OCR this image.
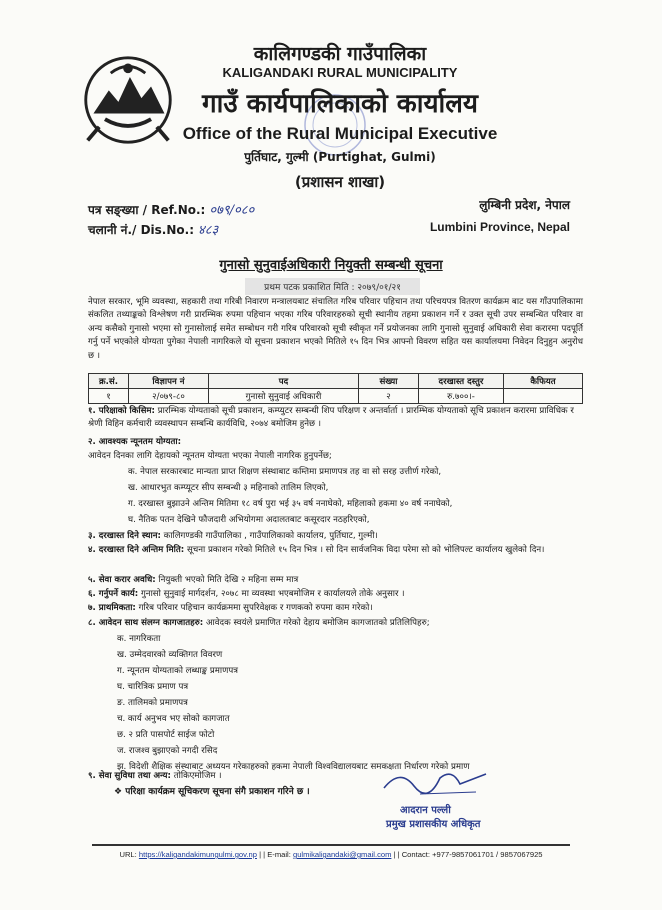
कालिगण्डकी गाउँपालिका
KALIGANDAKI RURAL MUNICIPALITY
गाउँ कार्यपालिकाको कार्यालय
Office of the Rural Municipal Executive
पुर्तिघाट, गुल्मी (Purtighat, Gulmi)
(प्रशासन शाखा)
पत्र सङ्ख्या / Ref.No.: ०७९/०८०
चलानी नं./ Dis.No.: ४८३
लुम्बिनी प्रदेश, नेपाल
Lumbini Province, Nepal
गुनासो सुनुवाईअधिकारी नियुक्ती सम्बन्धी सूचना
प्रथम पटक प्रकाशित मिति : २०७९/०१/२१
नेपाल सरकार, भूमि व्यवस्था, सहकारी तथा गरिबी निवारण मन्त्रालयबाट संचालित गरिब परिवार पहिचान तथा परिचयपत्र वितरण कार्यक्रम बाट यस गाँउपालिकामा संकलित तथ्याङ्कको विश्लेषण गरी प्रारम्भिक रुपमा पहिचान भएका गरिब परिवारहरुको सूची स्थानीय तहमा प्रकाशन गर्ने र उक्त सूची उपर सम्बन्धित परिवार वा अन्य कसैको गुनासो भएमा सो गुनासोलाई समेत सम्बोधन गरी गरिब परिवारको सूची स्वीकृत गर्ने प्रयोजनका लागि गुनासो सुनुवाई अधिकारी सेवा करारमा पदपूर्ति गर्नु पर्ने भएकोले योग्यता पुगेका नेपाली नागरिकले यो सूचना प्रकाशन भएको मितिले १५ दिन भित्र आफ्नो विवरण सहित यस कार्यालयमा निवेदन दिनुहुन अनुरोध छ ।
क्र.सं.	विज्ञापन नं	पद	संख्या	दरखास्त दस्तुर	कैफियत
१	२/०७९-८०	गुनासो सुनुवाई अधिकारी	२	रु.७००।-	
१. परिक्षाको किसिम: प्रारम्भिक योग्यताको सूची प्रकाशन, कम्प्युटर सम्बन्धी शिप परिक्षण र अन्तर्वार्ता । प्रारम्भिक योग्यताको सूचि प्रकाशन करारमा प्राविधिक र श्रेणी विहिन कर्मचारी व्यवस्थापन सम्बन्धि कार्यविधि, २०७४ बमोजिम हुनेछ ।
२. आवश्यक न्यूनतम योग्यता:
आवेदन दिनका लागि देहायको न्यूनतम योग्यता भएका नेपाली नागरिक हुनुपर्नेछ;
क. नेपाल सरकारबाट मान्यता प्राप्त शिक्षण संस्थाबाट कम्तिमा प्रमाणपत्र तह वा सो सरह उत्तीर्ण गरेको,
ख. आधारभुत कम्प्यूटर सीप सम्बन्धी ३ महिनाको तालिम लिएको,
ग. दरखास्त बुझाउने अन्तिम मितिमा १८ वर्ष पुरा भई ३५ वर्ष ननाघेको, महिलाको हकमा ४० वर्ष ननाघेको,
घ. नैतिक पतन देखिने फौजदारी अभियोगमा अदालतबाट कसूरदार नठहरिएको,
३. दरखास्त दिने स्थान: कालिगण्डकी गाउँपालिका , गाउँपालिकाको कार्यालय, पुर्तिघाट, गुल्मी।
४. दरखास्त दिने अन्तिम मिति: सूचना प्रकाशन गरेको मितिले १५ दिन भित्र । सो दिन सार्वजनिक विदा परेमा सो को भोलिपल्ट कार्यालय खुलेको दिन।
५. सेवा करार अवधि: नियुक्ती भएको मिति देखि २ महिना सम्म मात्र
६. गर्नुपर्ने कार्य: गुनासो सुनुवाई मार्गदर्शन, २०७८ मा व्यवस्था भएबमोजिम र कार्यालयले तोके अनुसार ।
७. प्राथमिकता: गरिब परिवार पहिचान कार्यक्रममा सुपरिवेक्षक र गणकको रुपमा काम गरेको।
८. आवेदन साथ संलग्न कागजातहरु: आवेदक स्वयंले प्रमाणित गरेको देहाय बमोजिम कागजातको प्रतिलिपिहरु;
क. नागरिकता
ख. उम्मेदवारको व्यक्तिगत विवरण
ग. न्यूनतम योग्यताको लब्धाङ्क प्रमाणपत्र
घ. चारित्रिक प्रमाण पत्र
ङ. तालिमको प्रमाणपत्र
च. कार्य अनुभव भए सोको कागजात
छ. २ प्रति पासपोर्ट साईज फोटो
ज. राजश्व बुझाएको नगदी रसिद
झ. विदेशी शैक्षिक संस्थाबाट अध्ययन गरेकाहरुको हकमा नेपाली विश्वविद्यालयबाट समकक्षता निर्धारण गरेको प्रमाण
९. सेवा सुविधा तथा अन्य: तोकिएमोजिम ।
❖ परिक्षा कार्यक्रम सूचिकरण सूचना संगै प्रकाशन गरिने छ ।
आदरान पल्ली
प्रमुख प्रशासकीय अधिकृत
URL: https://kaligandakimungulmi.gov.np | | E-mail: gulmikaligandaki@gmail.com | | Contact: +977-9857061701 / 9857067925
